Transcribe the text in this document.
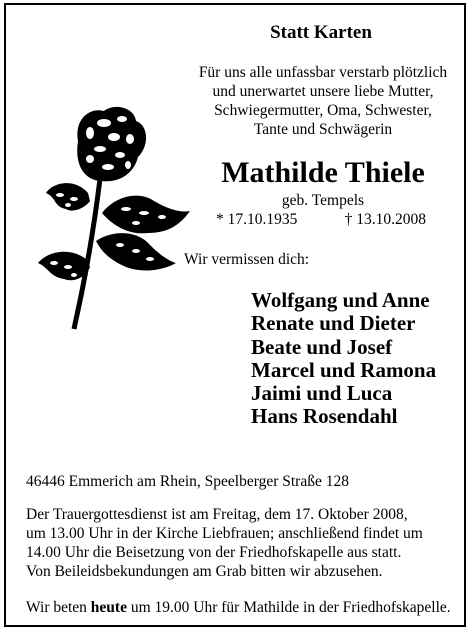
Statt Karten
Für uns alle unfassbar verstarb plötzlich
und unerwartet unsere liebe Mutter,
Schwiegermutter, Oma, Schwester,
Tante und Schwägerin
Mathilde Thiele
geb. Tempels
* 17.10.1935	† 13.10.2008
Wir vermissen dich:
Wolfgang und Anne
Renate und Dieter
Beate und Josef
Marcel und Ramona
Jaimi und Luca
Hans Rosendahl
46446 Emmerich am Rhein, Speelberger Straße 128
Der Trauergottesdienst ist am Freitag, dem 17. Oktober 2008,
um 13.00 Uhr in der Kirche Liebfrauen; anschließend findet um
14.00 Uhr die Beisetzung von der Friedhofskapelle aus statt.
Von Beileidsbekundungen am Grab bitten wir abzusehen.
Wir beten heute um 19.00 Uhr für Mathilde in der Friedhofskapelle.
